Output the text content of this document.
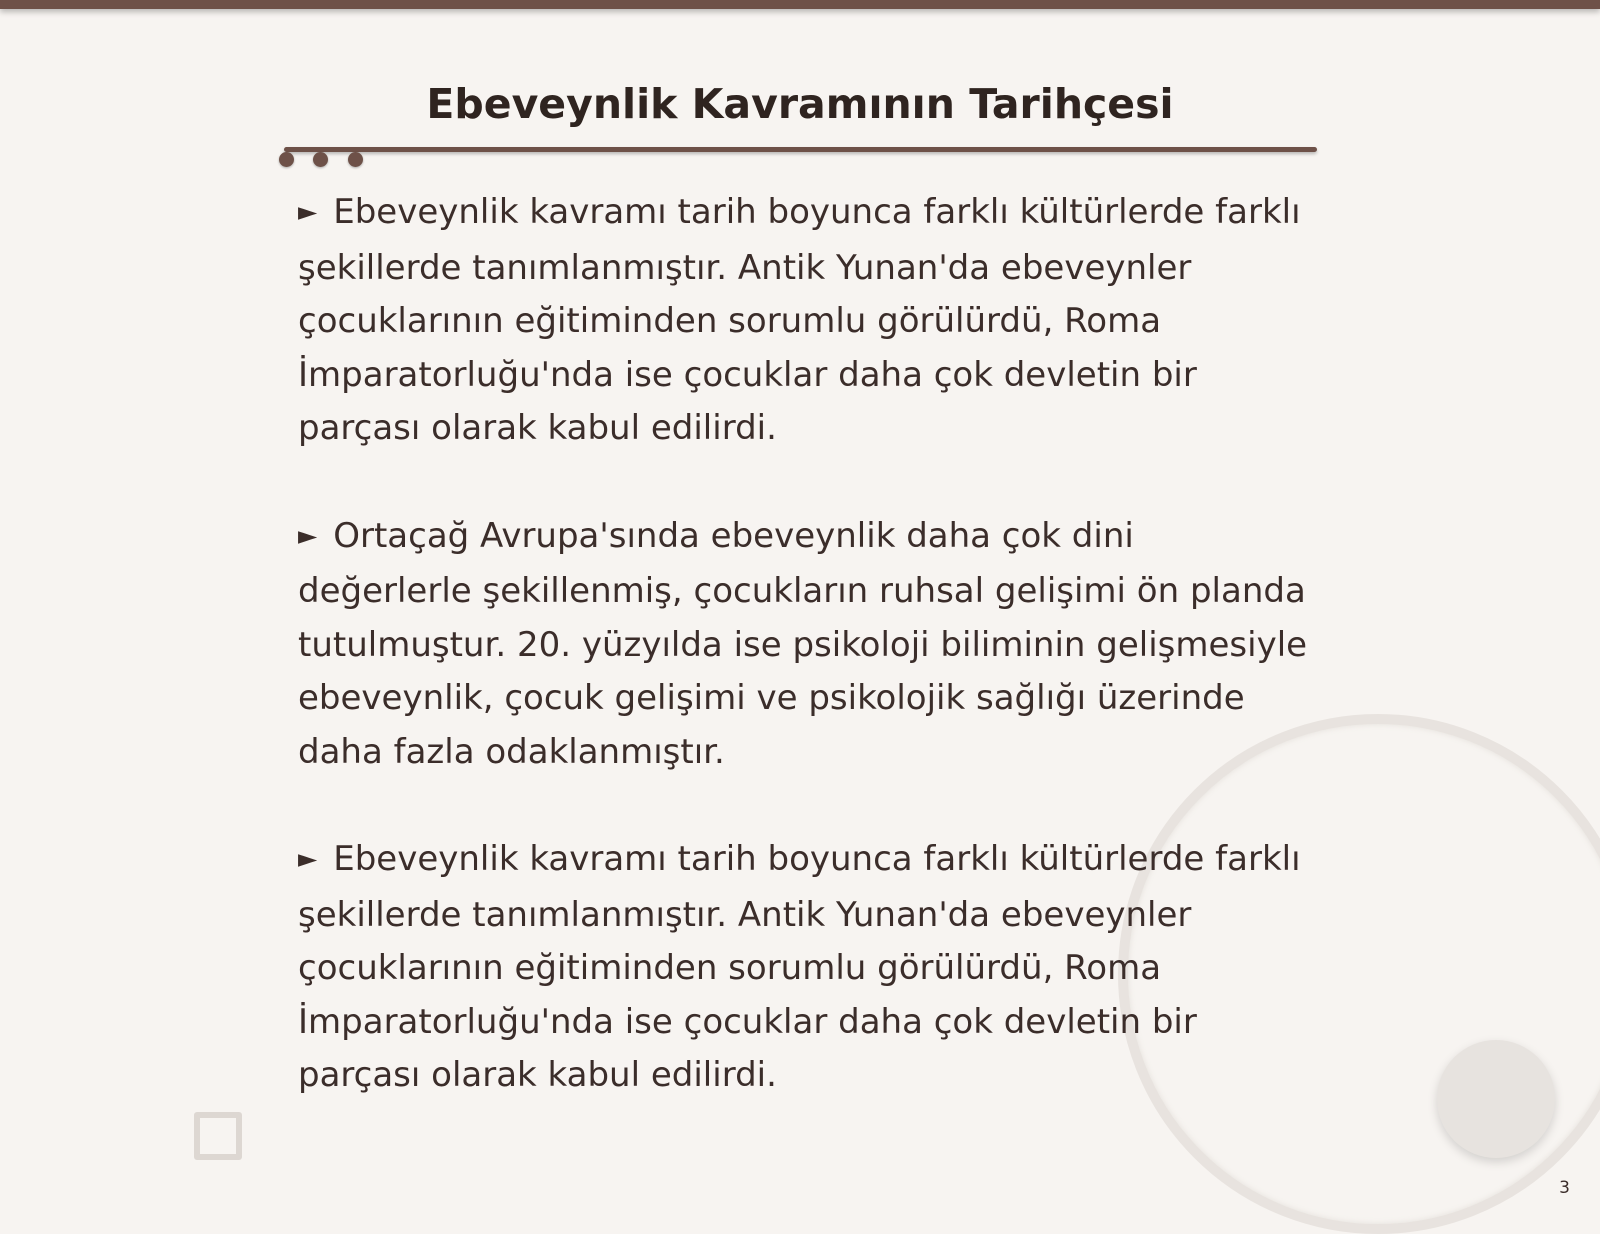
Ebeveynlik Kavramının Tarihçesi

► Ebeveynlik kavramı tarih boyunca farklı kültürlerde farklı şekillerde tanımlanmıştır. Antik Yunan'da ebeveynler çocuklarının eğitiminden sorumlu görülürdü, Roma İmparatorluğu'nda ise çocuklar daha çok devletin bir parçası olarak kabul edilirdi.

► Ortaçağ Avrupa'sında ebeveynlik daha çok dini değerlerle şekillenmiş, çocukların ruhsal gelişimi ön planda tutulmuştur. 20. yüzyılda ise psikoloji biliminin gelişmesiyle ebeveynlik, çocuk gelişimi ve psikolojik sağlığı üzerinde daha fazla odaklanmıştır.

► Ebeveynlik kavramı tarih boyunca farklı kültürlerde farklı şekillerde tanımlanmıştır. Antik Yunan'da ebeveynler çocuklarının eğitiminden sorumlu görülürdü, Roma İmparatorluğu'nda ise çocuklar daha çok devletin bir parçası olarak kabul edilirdi.

3
